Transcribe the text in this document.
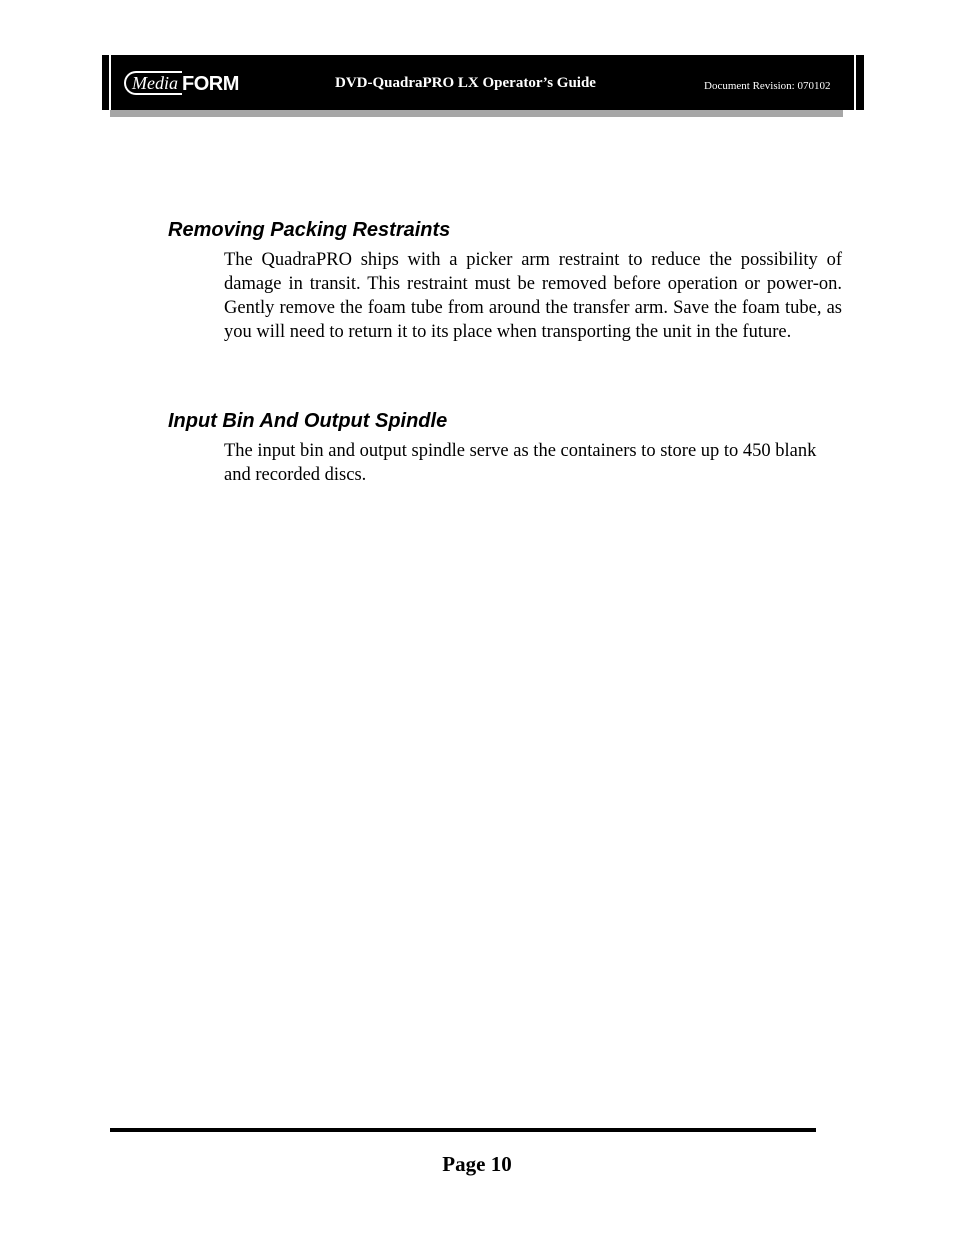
Media FORM	DVD-QuadraPRO LX Operator’s Guide	Document Revision: 070102
Removing Packing Restraints

The QuadraPRO ships with a picker arm restraint to reduce the possibility of damage in transit. This restraint must be removed before operation or power-on. Gently remove the foam tube from around the transfer arm. Save the foam tube, as you will need to return it to its place when transporting the unit in the future.

Input Bin And Output Spindle

The input bin and output spindle serve as the containers to store up to 450 blank and recorded discs.

Page 10
